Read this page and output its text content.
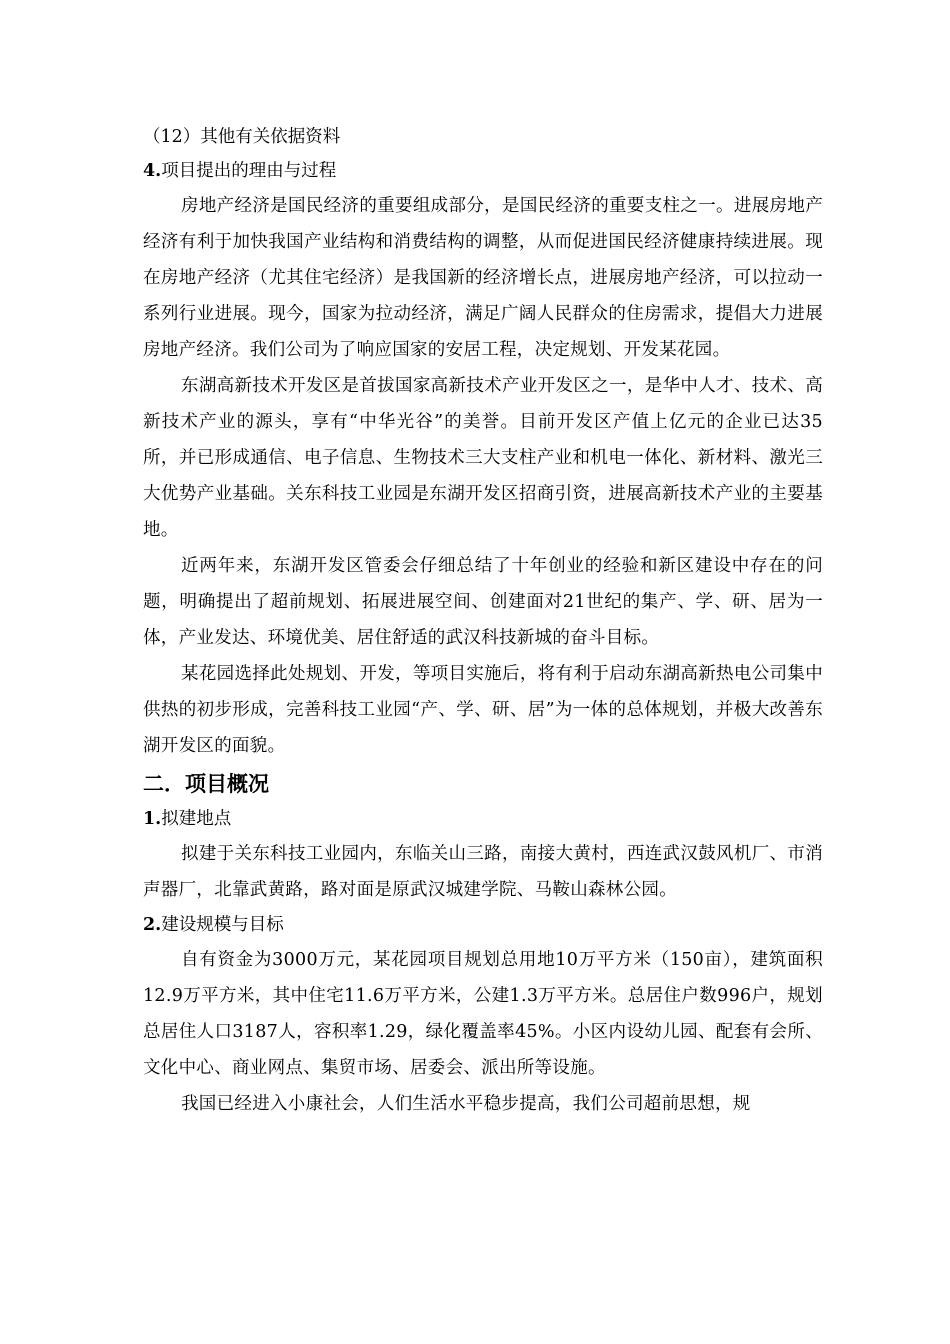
（12）其他有关依据资料

4.项目提出的理由与过程

房地产经济是国民经济的重要组成部分，是国民经济的重要支柱之一。进展房地产经济有利于加快我国产业结构和消费结构的调整，从而促进国民经济健康持续进展。现在房地产经济（尤其住宅经济）是我国新的经济增长点，进展房地产经济，可以拉动一系列行业进展。现今，国家为拉动经济，满足广阔人民群众的住房需求，提倡大力进展房地产经济。我们公司为了响应国家的安居工程，决定规划、开发某花园。

东湖高新技术开发区是首拔国家高新技术产业开发区之一，是华中人才、技术、高新技术产业的源头，享有“中华光谷”的美誉。目前开发区产值上亿元的企业已达35所，并已形成通信、电子信息、生物技术三大支柱产业和机电一体化、新材料、激光三大优势产业基础。关东科技工业园是东湖开发区招商引资，进展高新技术产业的主要基地。

近两年来，东湖开发区管委会仔细总结了十年创业的经验和新区建设中存在的问题，明确提出了超前规划、拓展进展空间、创建面对21世纪的集产、学、研、居为一体，产业发达、环境优美、居住舒适的武汉科技新城的奋斗目标。

某花园选择此处规划、开发，等项目实施后，将有利于启动东湖高新热电公司集中供热的初步形成，完善科技工业园“产、学、研、居”为一体的总体规划，并极大改善东湖开发区的面貌。

二．项目概况

1.拟建地点

拟建于关东科技工业园内，东临关山三路，南接大黄村，西连武汉鼓风机厂、市消声器厂，北靠武黄路，路对面是原武汉城建学院、马鞍山森林公园。

2.建设规模与目标

自有资金为3000万元，某花园项目规划总用地10万平方米（150亩），建筑面积12.9万平方米，其中住宅11.6万平方米，公建1.3万平方米。总居住户数996户，规划总居住人口3187人，容积率1.29，绿化覆盖率45%。小区内设幼儿园、配套有会所、文化中心、商业网点、集贸市场、居委会、派出所等设施。

我国已经进入小康社会，人们生活水平稳步提高，我们公司超前思想，规
